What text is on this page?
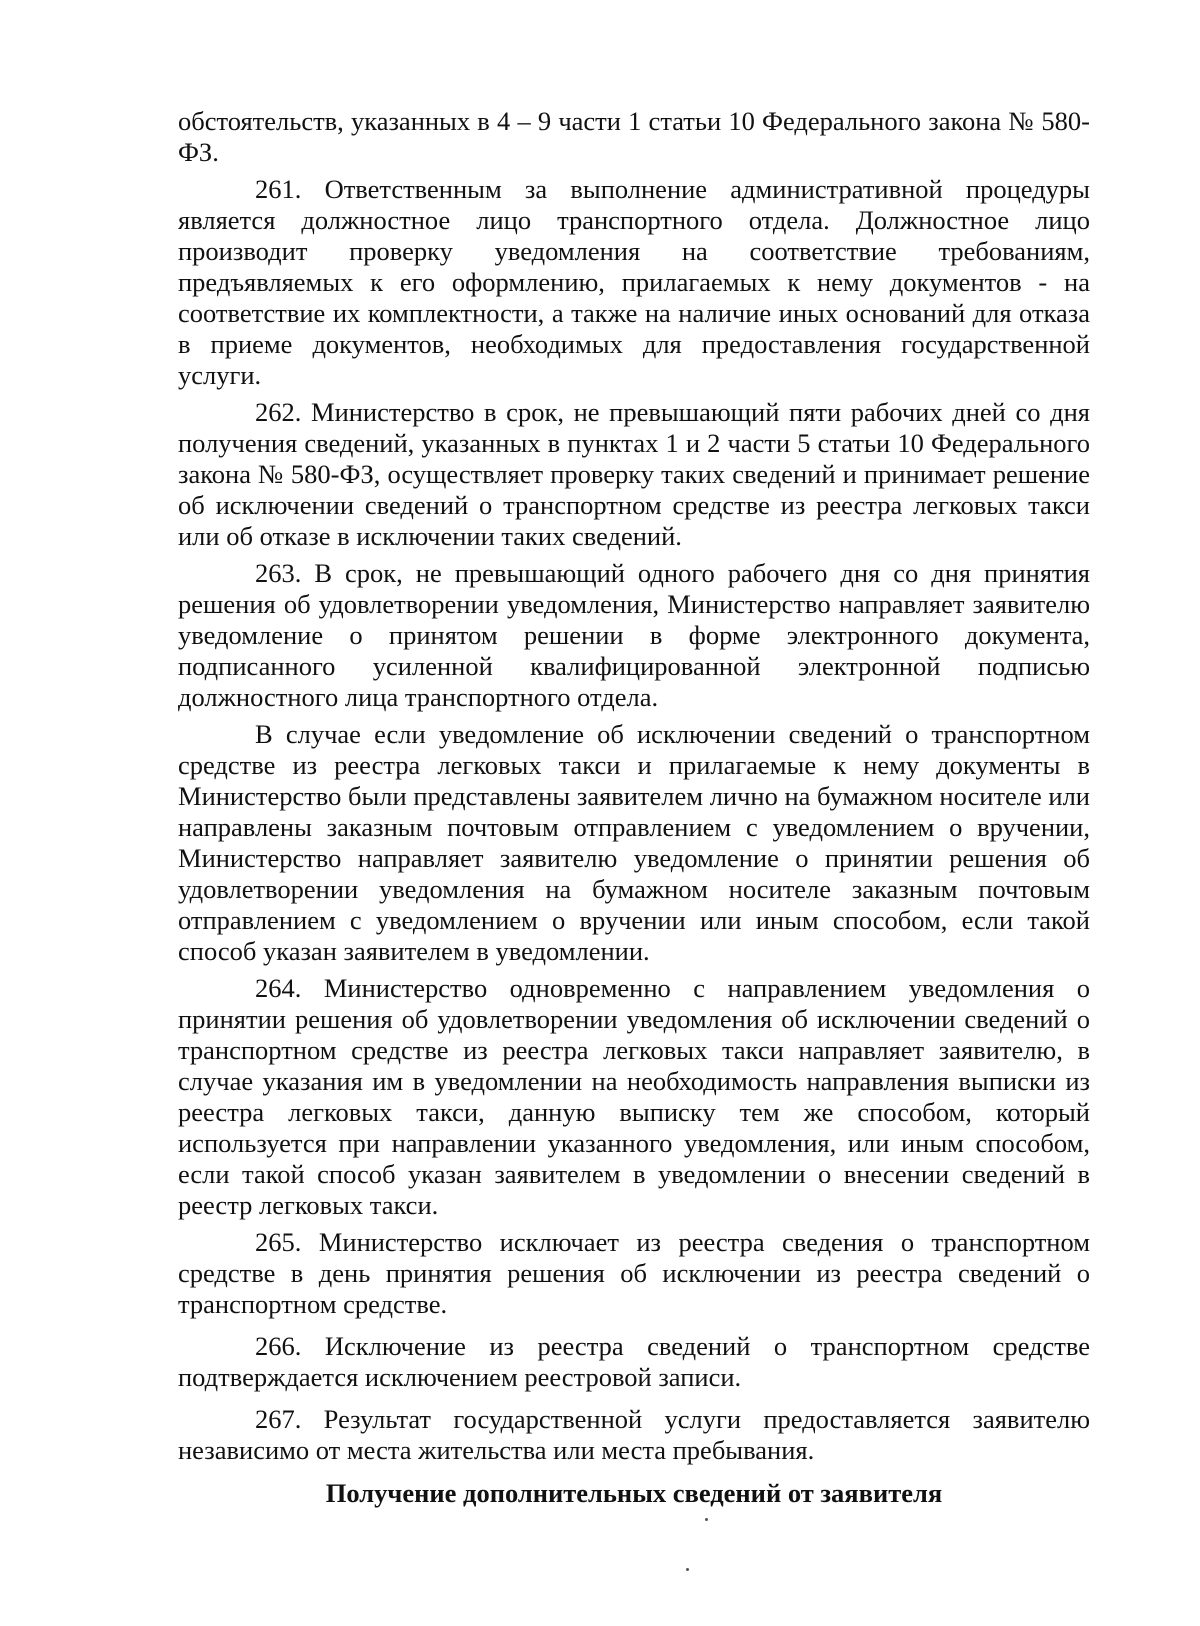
обстоятельств, указанных в 4 – 9 части 1 статьи 10 Федерального закона № 580-ФЗ.

261. Ответственным за выполнение административной процедуры является должностное лицо транспортного отдела. Должностное лицо производит проверку уведомления на соответствие требованиям, предъявляемых к его оформлению, прилагаемых к нему документов - на соответствие их комплектности, а также на наличие иных оснований для отказа в приеме документов, необходимых для предоставления государственной услуги.

262. Министерство в срок, не превышающий пяти рабочих дней со дня получения сведений, указанных в пунктах 1 и 2 части 5 статьи 10 Федерального закона № 580-ФЗ, осуществляет проверку таких сведений и принимает решение об исключении сведений о транспортном средстве из реестра легковых такси или об отказе в исключении таких сведений.

263. В срок, не превышающий одного рабочего дня со дня принятия решения об удовлетворении уведомления, Министерство направляет заявителю уведомление о принятом решении в форме электронного документа, подписанного усиленной квалифицированной электронной подписью должностного лица транспортного отдела.

В случае если уведомление об исключении сведений о транспортном средстве из реестра легковых такси и прилагаемые к нему документы в Министерство были представлены заявителем лично на бумажном носителе или направлены заказным почтовым отправлением с уведомлением о вручении, Министерство направляет заявителю уведомление о принятии решения об удовлетворении уведомления на бумажном носителе заказным почтовым отправлением с уведомлением о вручении или иным способом, если такой способ указан заявителем в уведомлении.

264. Министерство одновременно с направлением уведомления о принятии решения об удовлетворении уведомления об исключении сведений о транспортном средстве из реестра легковых такси направляет заявителю, в случае указания им в уведомлении на необходимость направления выписки из реестра легковых такси, данную выписку тем же способом, который используется при направлении указанного уведомления, или иным способом, если такой способ указан заявителем в уведомлении о внесении сведений в реестр легковых такси.

265. Министерство исключает из реестра сведения о транспортном средстве в день принятия решения об исключении из реестра сведений о транспортном средстве.

266. Исключение из реестра сведений о транспортном средстве подтверждается исключением реестровой записи.

267. Результат государственной услуги предоставляется заявителю независимо от места жительства или места пребывания.

Получение дополнительных сведений от заявителя
